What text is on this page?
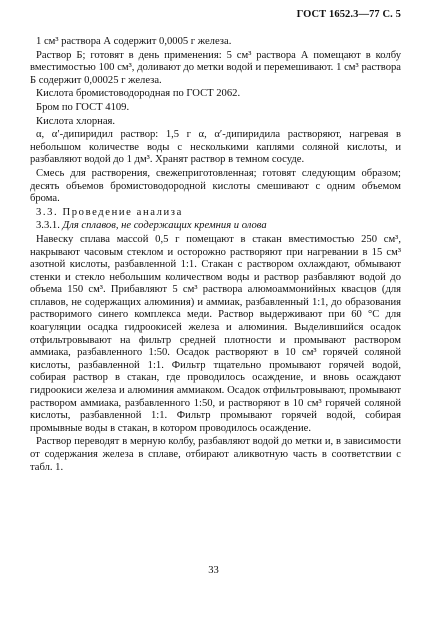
ГОСТ 1652.3—77 С. 5

1 см³ раствора А содержит 0,0005 г железа.

Раствор Б; готовят в день применения: 5 см³ раствора А помещают в колбу вместимостью 100 см³, доливают до метки водой и перемешивают. 1 см³ раствора Б содержит 0,00025 г железа.

Кислота бромистоводородная по ГОСТ 2062.

Бром по ГОСТ 4109.

Кислота хлорная.

α, α′-дипиридил раствор: 1,5 г α, α′-дипиридила растворяют, нагревая в небольшом количестве воды с несколькими каплями соляной кислоты, и разбавляют водой до 1 дм³. Хранят раствор в темном сосуде.

Смесь для растворения, свежеприготовленная; готовят следующим образом; десять объемов бромистоводородной кислоты смешивают с одним объемом брома.

3.3. Проведение анализа

3.3.1. Для сплавов, не содержащих кремния и олова

Навеску сплава массой 0,5 г помещают в стакан вместимостью 250 см³, накрывают часовым стеклом и осторожно растворяют при нагревании в 15 см³ азотной кислоты, разбавленной 1:1. Стакан с раствором охлаждают, обмывают стенки и стекло небольшим количеством воды и раствор разбавляют водой до объема 150 см³. Прибавляют 5 см³ раствора алюмоаммонийных квасцов (для сплавов, не содержащих алюминия) и аммиак, разбавленный 1:1, до образования растворимого синего комплекса меди. Раствор выдерживают при 60 °С для коагуляции осадка гидроокисей железа и алюминия. Выделившийся осадок отфильтровывают на фильтр средней плотности и промывают раствором аммиака, разбавленного 1:50. Осадок растворяют в 10 см³ горячей соляной кислоты, разбавленной 1:1. Фильтр тщательно промывают горячей водой, собирая раствор в стакан, где проводилось осаждение, и вновь осаждают гидроокиси железа и алюминия аммиаком. Осадок отфильтровывают, промывают раствором аммиака, разбавленного 1:50, и растворяют в 10 см³ горячей соляной кислоты, разбавленной 1:1. Фильтр промывают горячей водой, собирая промывные воды в стакан, в котором проводилось осаждение.

Раствор переводят в мерную колбу, разбавляют водой до метки и, в зависимости от содержания железа в сплаве, отбирают аликвотную часть в соответствии с табл. 1.

33
